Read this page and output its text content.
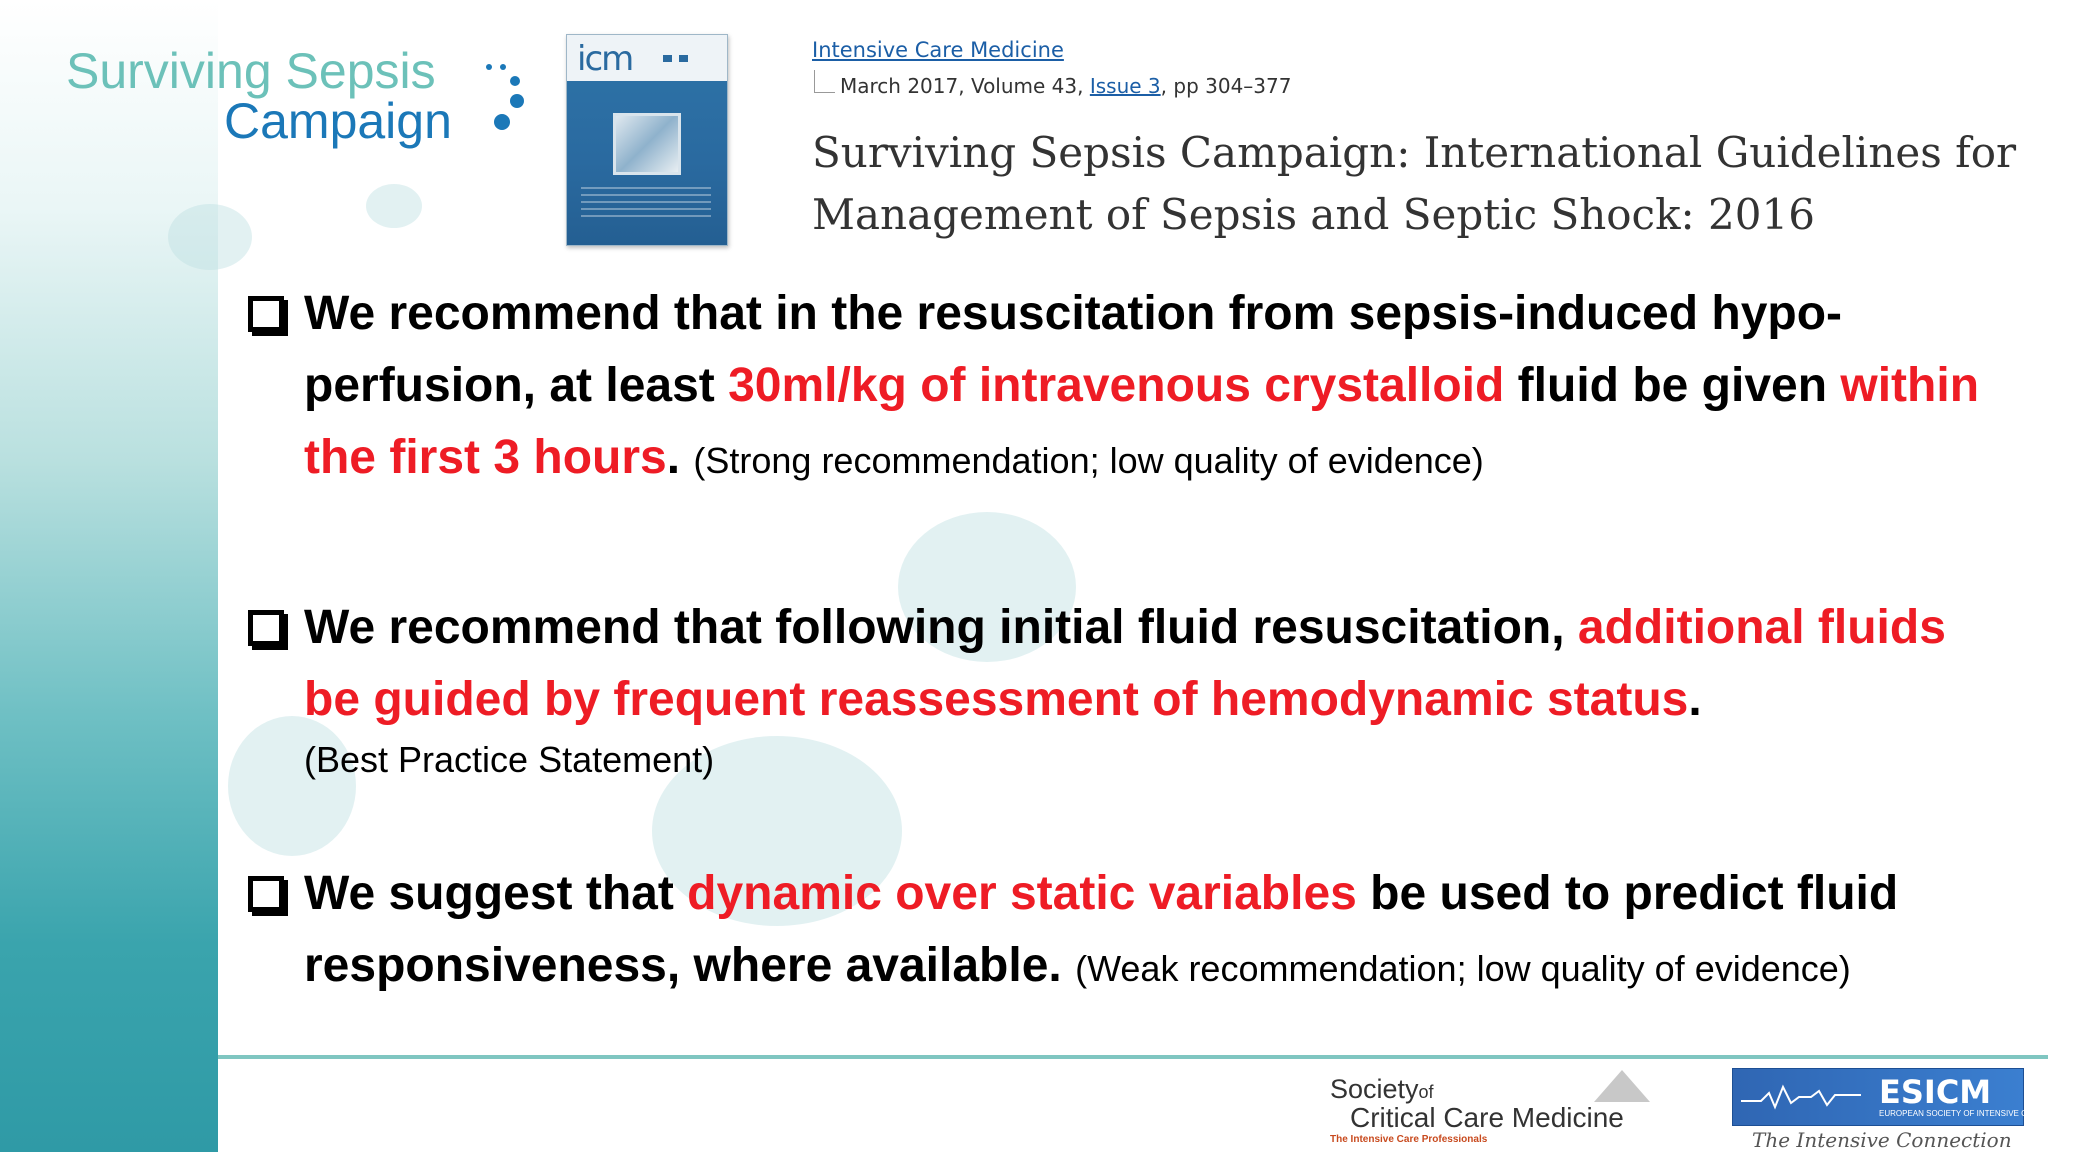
Surviving Sepsis
Campaign
icm	Intensive Care Medicine
March 2017, Volume 43, Issue 3, pp 304–377
Surviving Sepsis Campaign: International Guidelines for
Management of Sepsis and Septic Shock: 2016
We recommend that in the resuscitation from sepsis-induced hypo-perfusion, at least 30ml/kg of intravenous crystalloid fluid be given within the first 3 hours. (Strong recommendation; low quality of evidence)
We recommend that following initial fluid resuscitation, additional fluids be guided by frequent reassessment of hemodynamic status.
(Best Practice Statement)
We suggest that dynamic over static variables be used to predict fluid responsiveness, where available. (Weak recommendation; low quality of evidence)
Societyof
Critical Care Medicine
The Intensive Care Professionals
ESICM
EUROPEAN SOCIETY OF INTENSIVE CARE MEDICINE
The Intensive Connection
